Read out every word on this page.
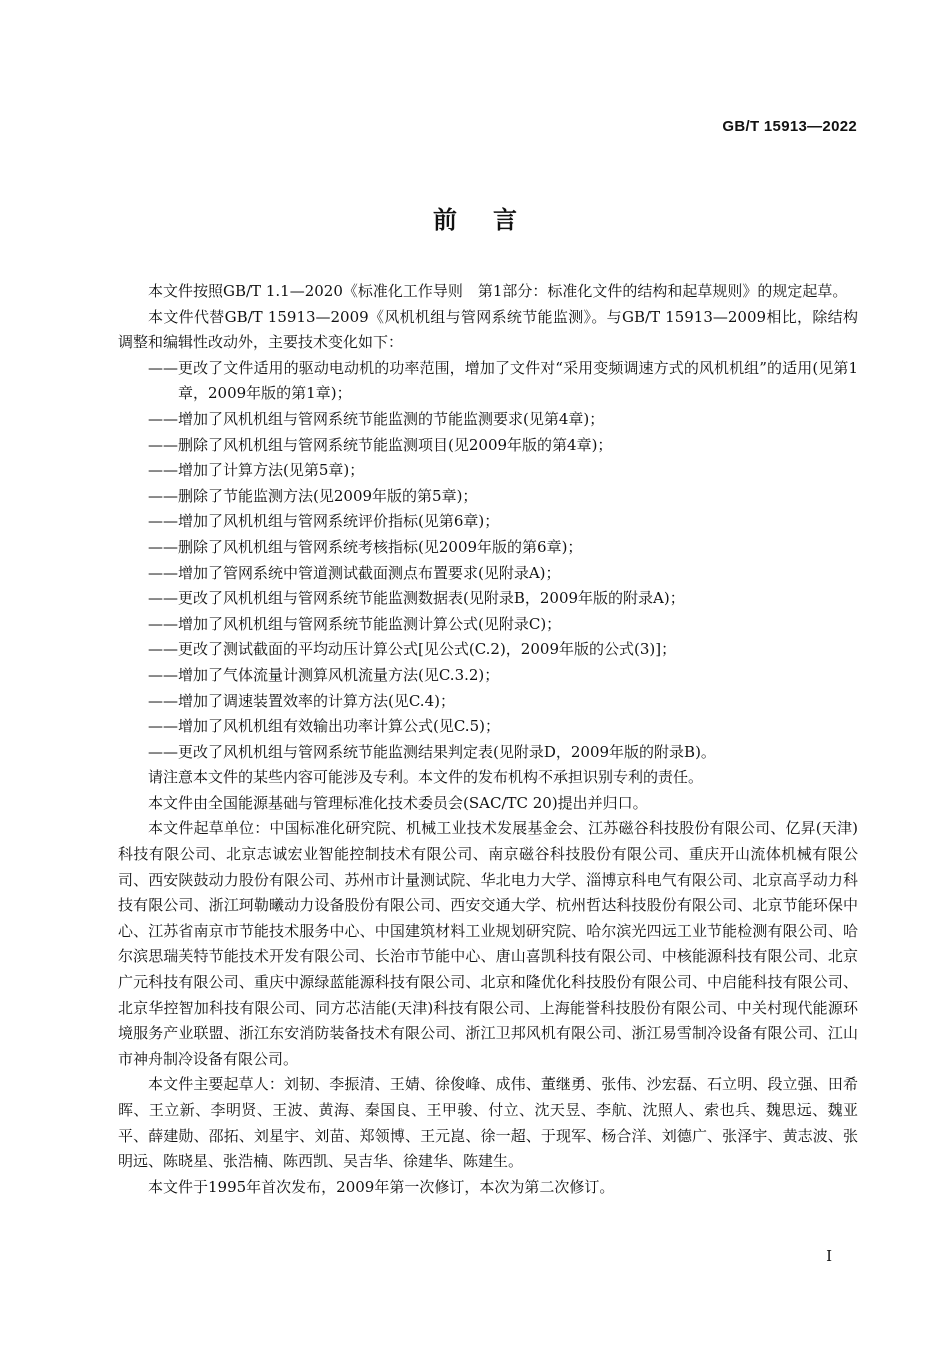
GB/T 15913—2022
前言

本文件按照GB/T 1.1—2020《标准化工作导则　第1部分：标准化文件的结构和起草规则》的规定起草。

本文件代替GB/T 15913—2009《风机机组与管网系统节能监测》。与GB/T 15913—2009相比，除结构调整和编辑性改动外，主要技术变化如下：

—— 更改了文件适用的驱动电动机的功率范围，增加了文件对“采用变频调速方式的风机机组”的适用(见第1章，2009年版的第1章)；
—— 增加了风机机组与管网系统节能监测的节能监测要求(见第4章)；
—— 删除了风机机组与管网系统节能监测项目(见2009年版的第4章)；
—— 增加了计算方法(见第5章)；
—— 删除了节能监测方法(见2009年版的第5章)；
—— 增加了风机机组与管网系统评价指标(见第6章)；
—— 删除了风机机组与管网系统考核指标(见2009年版的第6章)；
—— 增加了管网系统中管道测试截面测点布置要求(见附录A)；
—— 更改了风机机组与管网系统节能监测数据表(见附录B，2009年版的附录A)；
—— 增加了风机机组与管网系统节能监测计算公式(见附录C)；
—— 更改了测试截面的平均动压计算公式[见公式(C.2)，2009年版的公式(3)]；
—— 增加了气体流量计测算风机流量方法(见C.3.2)；
—— 增加了调速装置效率的计算方法(见C.4)；
—— 增加了风机机组有效输出功率计算公式(见C.5)；
—— 更改了风机机组与管网系统节能监测结果判定表(见附录D，2009年版的附录B)。

请注意本文件的某些内容可能涉及专利。本文件的发布机构不承担识别专利的责任。

本文件由全国能源基础与管理标准化技术委员会(SAC/TC 20)提出并归口。

本文件起草单位：中国标准化研究院、机械工业技术发展基金会、江苏磁谷科技股份有限公司、亿昇(天津)科技有限公司、北京志诚宏业智能控制技术有限公司、南京磁谷科技股份有限公司、重庆开山流体机械有限公司、西安陕鼓动力股份有限公司、苏州市计量测试院、华北电力大学、淄博京科电气有限公司、北京高孚动力科技有限公司、浙江珂勒曦动力设备股份有限公司、西安交通大学、杭州哲达科技股份有限公司、北京节能环保中心、江苏省南京市节能技术服务中心、中国建筑材料工业规划研究院、哈尔滨光四远工业节能检测有限公司、哈尔滨思瑞芙特节能技术开发有限公司、长治市节能中心、唐山喜凯科技有限公司、中核能源科技有限公司、北京广元科技有限公司、重庆中源绿蓝能源科技有限公司、北京和隆优化科技股份有限公司、中启能科技有限公司、北京华控智加科技有限公司、同方芯洁能(天津)科技有限公司、上海能誉科技股份有限公司、中关村现代能源环境服务产业联盟、浙江东安消防装备技术有限公司、浙江卫邦风机有限公司、浙江易雪制冷设备有限公司、江山市神舟制冷设备有限公司。

本文件主要起草人：刘韧、李振清、王婧、徐俊峰、成伟、董继勇、张伟、沙宏磊、石立明、段立强、田希晖、王立新、李明贤、王波、黄海、秦国良、王甲骏、付立、沈天昱、李航、沈照人、索也兵、魏思远、魏亚平、薛建勋、邵拓、刘星宇、刘苗、郑领博、王元崑、徐一超、于现军、杨合洋、刘德广、张泽宇、黄志波、张明远、陈晓星、张浩楠、陈西凯、吴吉华、徐建华、陈建生。

本文件于1995年首次发布，2009年第一次修订，本次为第二次修订。

I
